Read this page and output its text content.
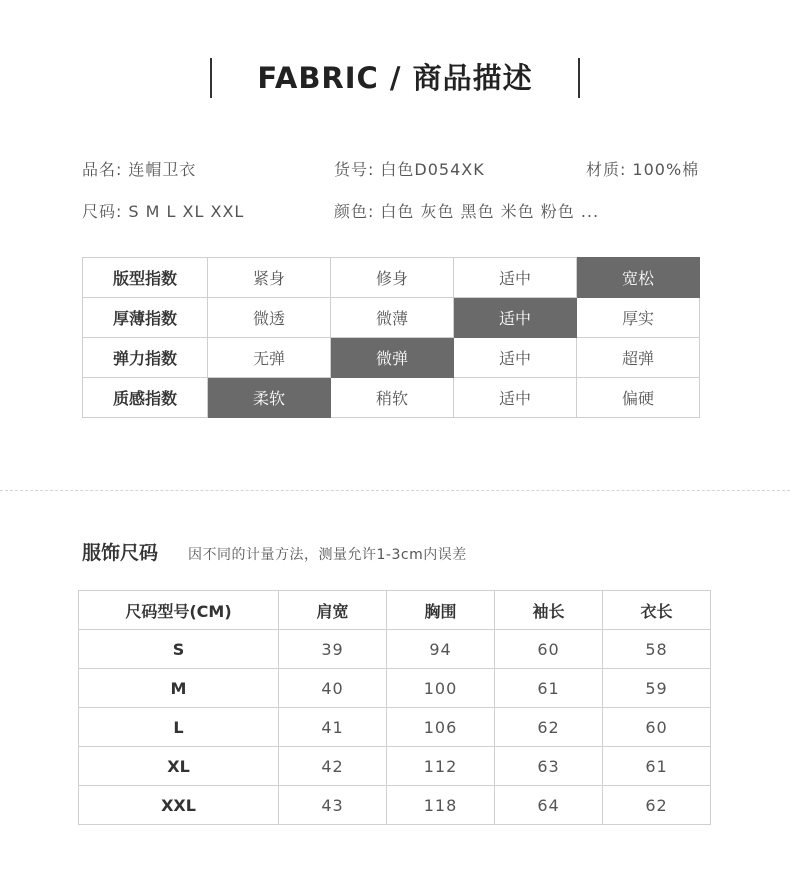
FABRIC / 商品描述
品名: 连帽卫衣	货号: 白色D054XK	材质: 100%棉
尺码: S M L XL XXL	颜色: 白色 灰色 黑色 米色 粉色 ...
版型指数	紧身	修身	适中	宽松
厚薄指数	微透	微薄	适中	厚实
弹力指数	无弹	微弹	适中	超弹
质感指数	柔软	稍软	适中	偏硬
服饰尺码 因不同的计量方法，测量允许1-3cm内误差
尺码型号(CM)	肩宽	胸围	袖长	衣长
S	39	94	60	58
M	40	100	61	59
L	41	106	62	60
XL	42	112	63	61
XXL	43	118	64	62
